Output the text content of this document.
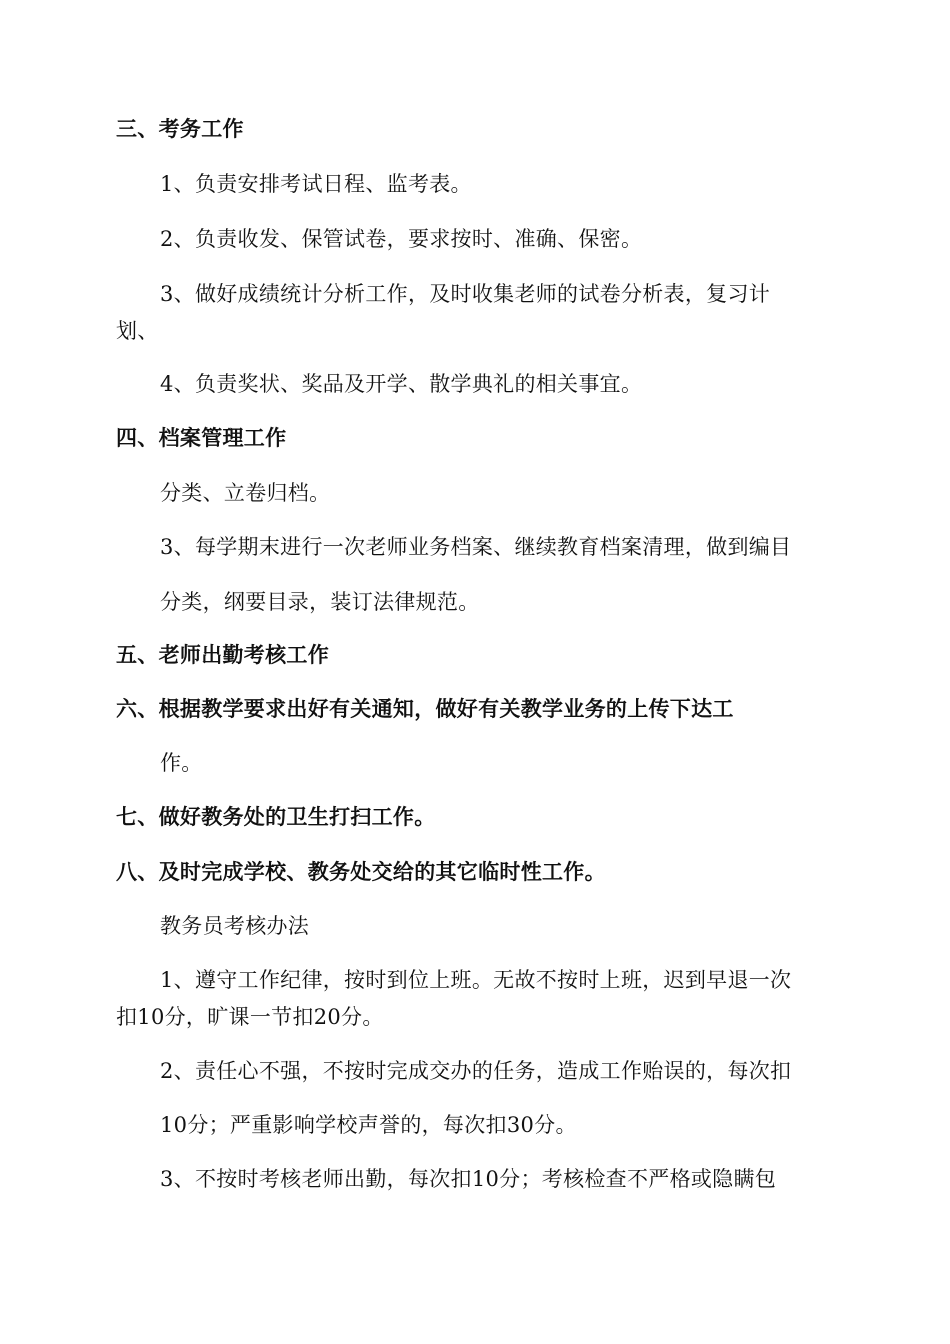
三、考务工作
1、负责安排考试日程、监考表。
2、负责收发、保管试卷，要求按时、准确、保密。
3、做好成绩统计分析工作，及时收集老师的试卷分析表，复习计
划、
4、负责奖状、奖品及开学、散学典礼的相关事宜。
四、档案管理工作
分类、立卷归档。
3、每学期末进行一次老师业务档案、继续教育档案清理，做到编目
分类，纲要目录，装订法律规范。
五、老师出勤考核工作
六、根据教学要求出好有关通知，做好有关教学业务的上传下达工
作。
七、做好教务处的卫生打扫工作。
八、及时完成学校、教务处交给的其它临时性工作。
教务员考核办法
1、遵守工作纪律，按时到位上班。无故不按时上班，迟到早退一次
扣10分，旷课一节扣20分。
2、责任心不强，不按时完成交办的任务，造成工作贻误的，每次扣
10分；严重影响学校声誉的，每次扣30分。
3、不按时考核老师出勤，每次扣10分；考核检查不严格或隐瞒包
